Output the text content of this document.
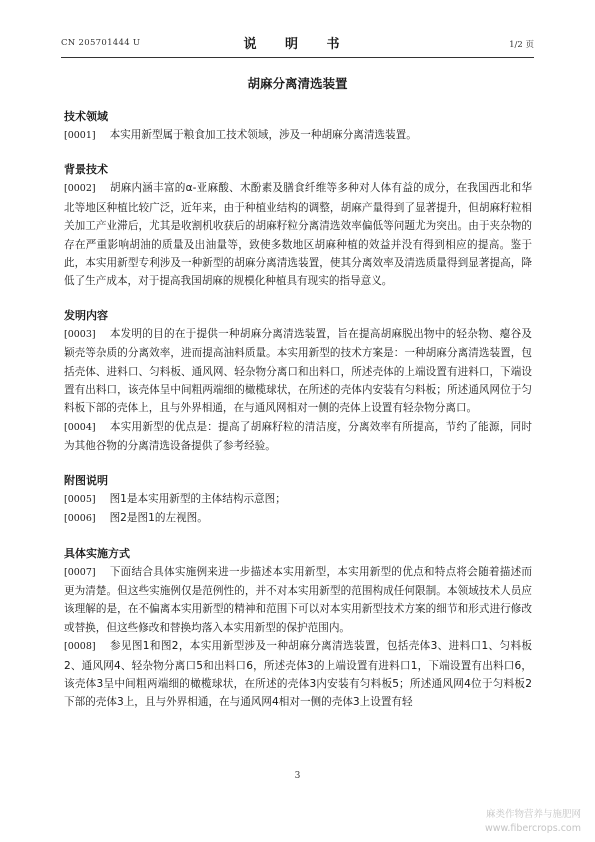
CN 205701444 U	说 明 书	1/2 页
胡麻分离清选装置

技术领域

[0001] 本实用新型属于粮食加工技术领域，涉及一种胡麻分离清选装置。

背景技术

[0002] 胡麻内涵丰富的α-亚麻酸、木酚素及膳食纤维等多种对人体有益的成分，在我国西北和华北等地区种植比较广泛，近年来，由于种植业结构的调整，胡麻产量得到了显著提升，但胡麻籽粒相关加工产业滞后，尤其是收割机收获后的胡麻籽粒分离清选效率偏低等问题尤为突出。由于夹杂物的存在严重影响胡油的质量及出油量等，致使多数地区胡麻种植的效益并没有得到相应的提高。鉴于此，本实用新型专利涉及一种新型的胡麻分离清选装置，使其分离效率及清选质量得到显著提高，降低了生产成本，对于提高我国胡麻的规模化种植具有现实的指导意义。

发明内容

[0003] 本发明的目的在于提供一种胡麻分离清选装置，旨在提高胡麻脱出物中的轻杂物、瘪谷及颖壳等杂质的分离效率，进而提高油料质量。本实用新型的技术方案是：一种胡麻分离清选装置，包括壳体、进料口、匀料板、通风网、轻杂物分离口和出料口，所述壳体的上端设置有进料口，下端设置有出料口，该壳体呈中间粗两端细的橄榄球状，在所述的壳体内安装有匀料板；所述通风网位于匀料板下部的壳体上，且与外界相通，在与通风网相对一侧的壳体上设置有轻杂物分离口。

[0004] 本实用新型的优点是：提高了胡麻籽粒的清洁度，分离效率有所提高，节约了能源，同时为其他谷物的分离清选设备提供了参考经验。

附图说明

[0005] 图1是本实用新型的主体结构示意图；

[0006] 图2是图1的左视图。

具体实施方式

[0007] 下面结合具体实施例来进一步描述本实用新型，本实用新型的优点和特点将会随着描述而更为清楚。但这些实施例仅是范例性的，并不对本实用新型的范围构成任何限制。本领域技术人员应该理解的是，在不偏离本实用新型的精神和范围下可以对本实用新型技术方案的细节和形式进行修改或替换，但这些修改和替换均落入本实用新型的保护范围内。

[0008] 参见图1和图2，本实用新型涉及一种胡麻分离清选装置，包括壳体3、进料口1、匀料板2、通风网4、轻杂物分离口5和出料口6，所述壳体3的上端设置有进料口1，下端设置有出料口6，该壳体3呈中间粗两端细的橄榄球状，在所述的壳体3内安装有匀料板5；所述通风网4位于匀料板2下部的壳体3上，且与外界相通，在与通风网4相对一侧的壳体3上设置有轻

3
麻类作物营养与施肥网
www.fibercrops.com
